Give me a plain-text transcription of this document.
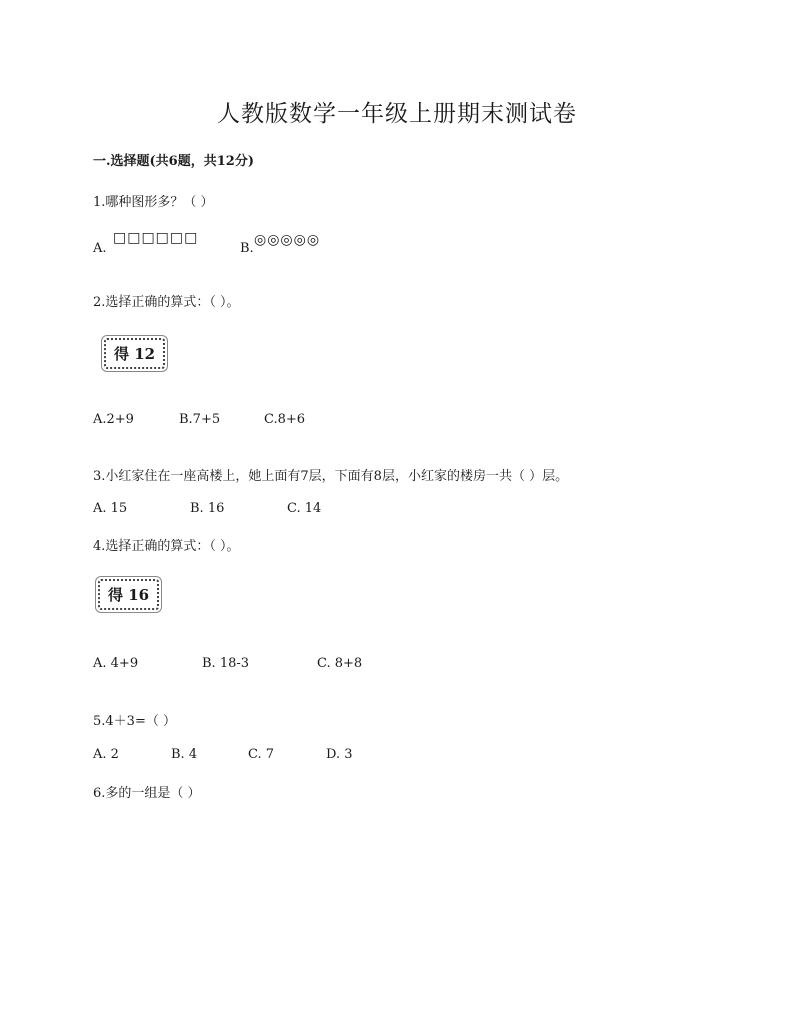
人教版数学一年级上册期末测试卷
一.选择题(共6题，共12分)
1.哪种图形多？（ ）
A.
□□□□□□
B.
◎◎◎◎◎
2.选择正确的算式：（ ）。
得 12
A.2+9	B.7+5	C.8+6
3.小红家住在一座高楼上，她上面有7层，下面有8层，小红家的楼房一共（ ）层。
A. 15	B. 16	C. 14
4.选择正确的算式：（ ）。
得 16
A. 4+9	B. 18-3	C. 8+8
5.4＋3=（ ）
A. 2	B. 4	C. 7	D. 3
6.多的一组是（ ）
